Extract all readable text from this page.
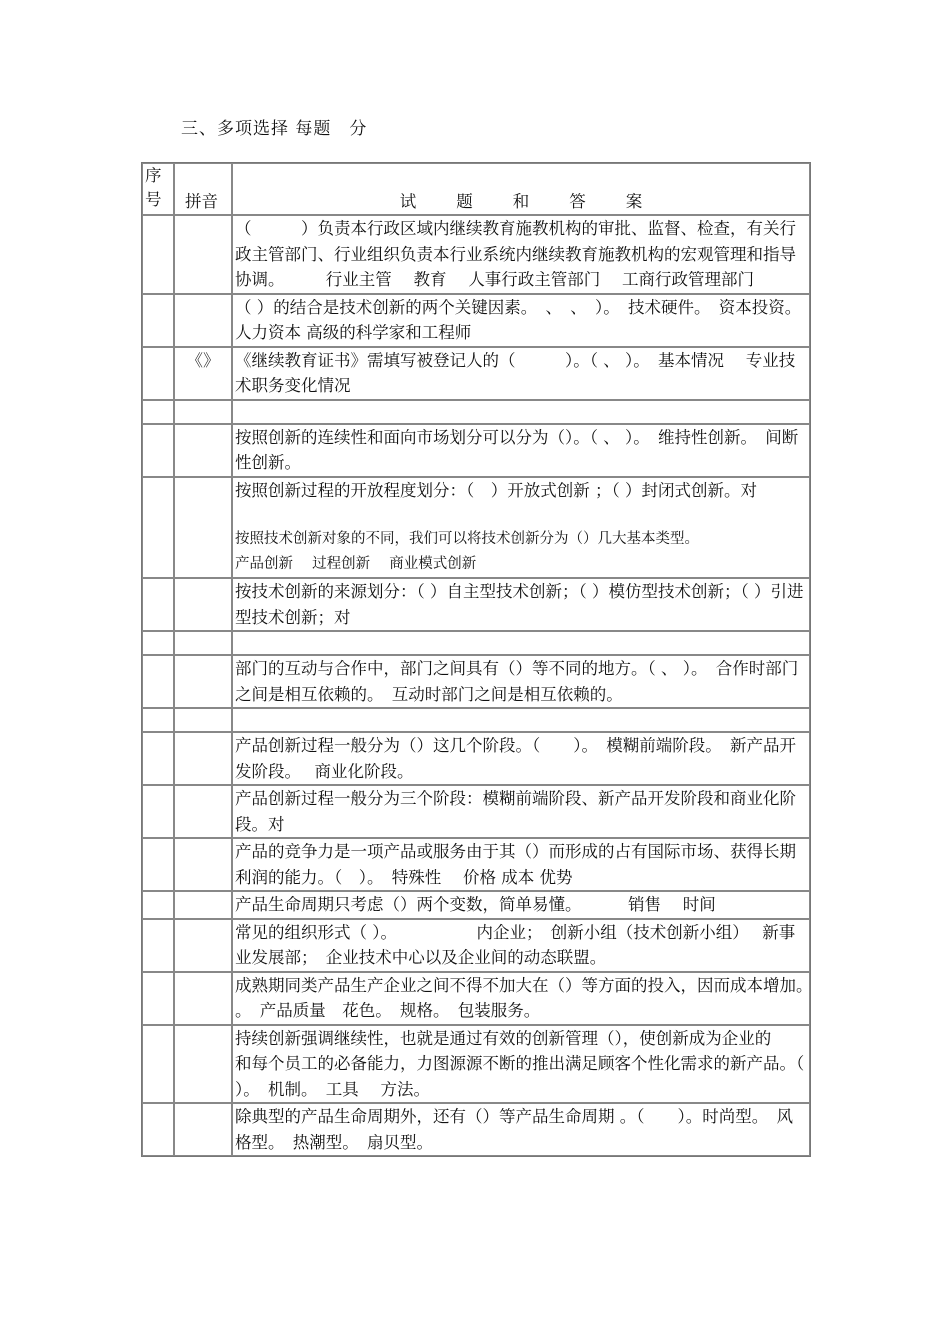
三、多项选择 每题　分
序号	拼音	试 题 和 答 案
		（　　　）负责本行政区域内继续教育施教机构的审批、监督、检查，有关行政主管部门、行业组织负责本行业系统内继续教育施教机构的宏观管理和指导协调。　　　行业主管　 教育　 人事行政主管部门　 工商行政管理部门
		（ ）的结合是技术创新的两个关键因素。　、　、　）。　技术硬件。　资本投资。　人力资本 高级的科学家和工程师
	《》	《继续教育证书》需填写被登记人的（　　　）。（ 、 ）。　基本情况　 专业技术职务变化情况

		按照创新的连续性和面向市场划分可以分为（）。（ 、 ）。　维持性创新。　间断性创新。
		按照创新过程的开放程度划分：（　）开放式创新 ；（ ）封闭式创新。对
按照技术创新对象的不同，我们可以将技术创新分为（）几大基本类型。
产品创新　 过程创新　 商业模式创新

		按技术创新的来源划分：（ ）自主型技术创新；（ ）模仿型技术创新；（ ）引进型技术创新；对

		部门的互动与合作中，部门之间具有（）等不同的地方。（ 、 ）。　合作时部门之间是相互依赖的。　互动时部门之间是相互依赖的。

		产品创新过程一般分为（）这几个阶段。（　　）。　模糊前端阶段。　新产品开发阶段。　 商业化阶段。
		产品创新过程一般分为三个阶段：模糊前端阶段、新产品开发阶段和商业化阶段。对
		产品的竞争力是一项产品或服务由于其（）而形成的占有国际市场、获得长期利润的能力。（　）。　特殊性　 价格 成本 优势
		产品生命周期只考虑（）两个变数，简单易懂。　　　 销售　 时间
		常见的组织形式（ ）。　　　　　 内企业；　创新小组（技术创新小组）　 新事业发展部；　企业技术中心以及企业间的动态联盟。
		成熟期同类产品生产企业之间不得不加大在（）等方面的投入，因而成本增加。　　　 。　产品质量　花色。　规格。　包装服务。
		持续创新强调继续性，也就是通过有效的创新管理（），使创新成为企业的　　和每个员工的必备能力，力图源源不断的推出满足顾客个性化需求的新产品。（　 ）。　机制。　工具　 方法。
		除典型的产品生命周期外，还有（）等产品生命周期 。（　　）。时尚型。　风格型。　热潮型。　扇贝型。
